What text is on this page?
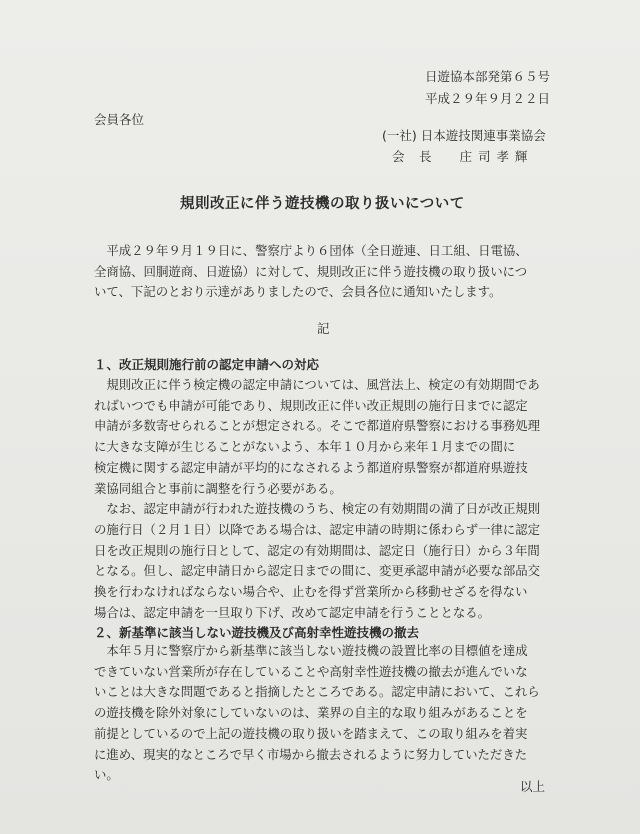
日遊協本部発第６５号
平成２９年９月２２日
会員各位
(一社) 日本遊技関連事業協会
会　長　　庄 司 孝 輝
規則改正に伴う遊技機の取り扱いについて

　平成２９年９月１９日に、警察庁より６団体（全日遊連、日工組、日電協、

全商協、回胴遊商、日遊協）に対して、規則改正に伴う遊技機の取り扱いにつ

いて、下記のとおり示達がありましたので、会員各位に通知いたします。

記
１、改正規則施行前の認定申請への対応

　規則改正に伴う検定機の認定申請については、風営法上、検定の有効期間であ

ればいつでも申請が可能であり、規則改正に伴い改正規則の施行日までに認定

申請が多数寄せられることが想定される。そこで都道府県警察における事務処理

に大きな支障が生じることがないよう、本年１０月から来年１月までの間に

検定機に関する認定申請が平均的になされるよう都道府県警察が都道府県遊技

業協同組合と事前に調整を行う必要がある。

　なお、認定申請が行われた遊技機のうち、検定の有効期間の満了日が改正規則

の施行日（２月１日）以降である場合は、認定申請の時期に係わらず一律に認定

日を改正規則の施行日として、認定の有効期間は、認定日（施行日）から３年間

となる。但し、認定申請日から認定日までの間に、変更承認申請が必要な部品交

換を行わなければならない場合や、止むを得ず営業所から移動せざるを得ない

場合は、認定申請を一旦取り下げ、改めて認定申請を行うこととなる。

２、新基準に該当しない遊技機及び高射幸性遊技機の撤去

　本年５月に警察庁から新基準に該当しない遊技機の設置比率の目標値を達成

できていない営業所が存在していることや高射幸性遊技機の撤去が進んでいな

いことは大きな問題であると指摘したところである。認定申請において、これら

の遊技機を除外対象にしていないのは、業界の自主的な取り組みがあることを

前提としているので上記の遊技機の取り扱いを踏まえて、この取り組みを着実

に進め、現実的なところで早く市場から撤去されるように努力していただきた

い。

以上
